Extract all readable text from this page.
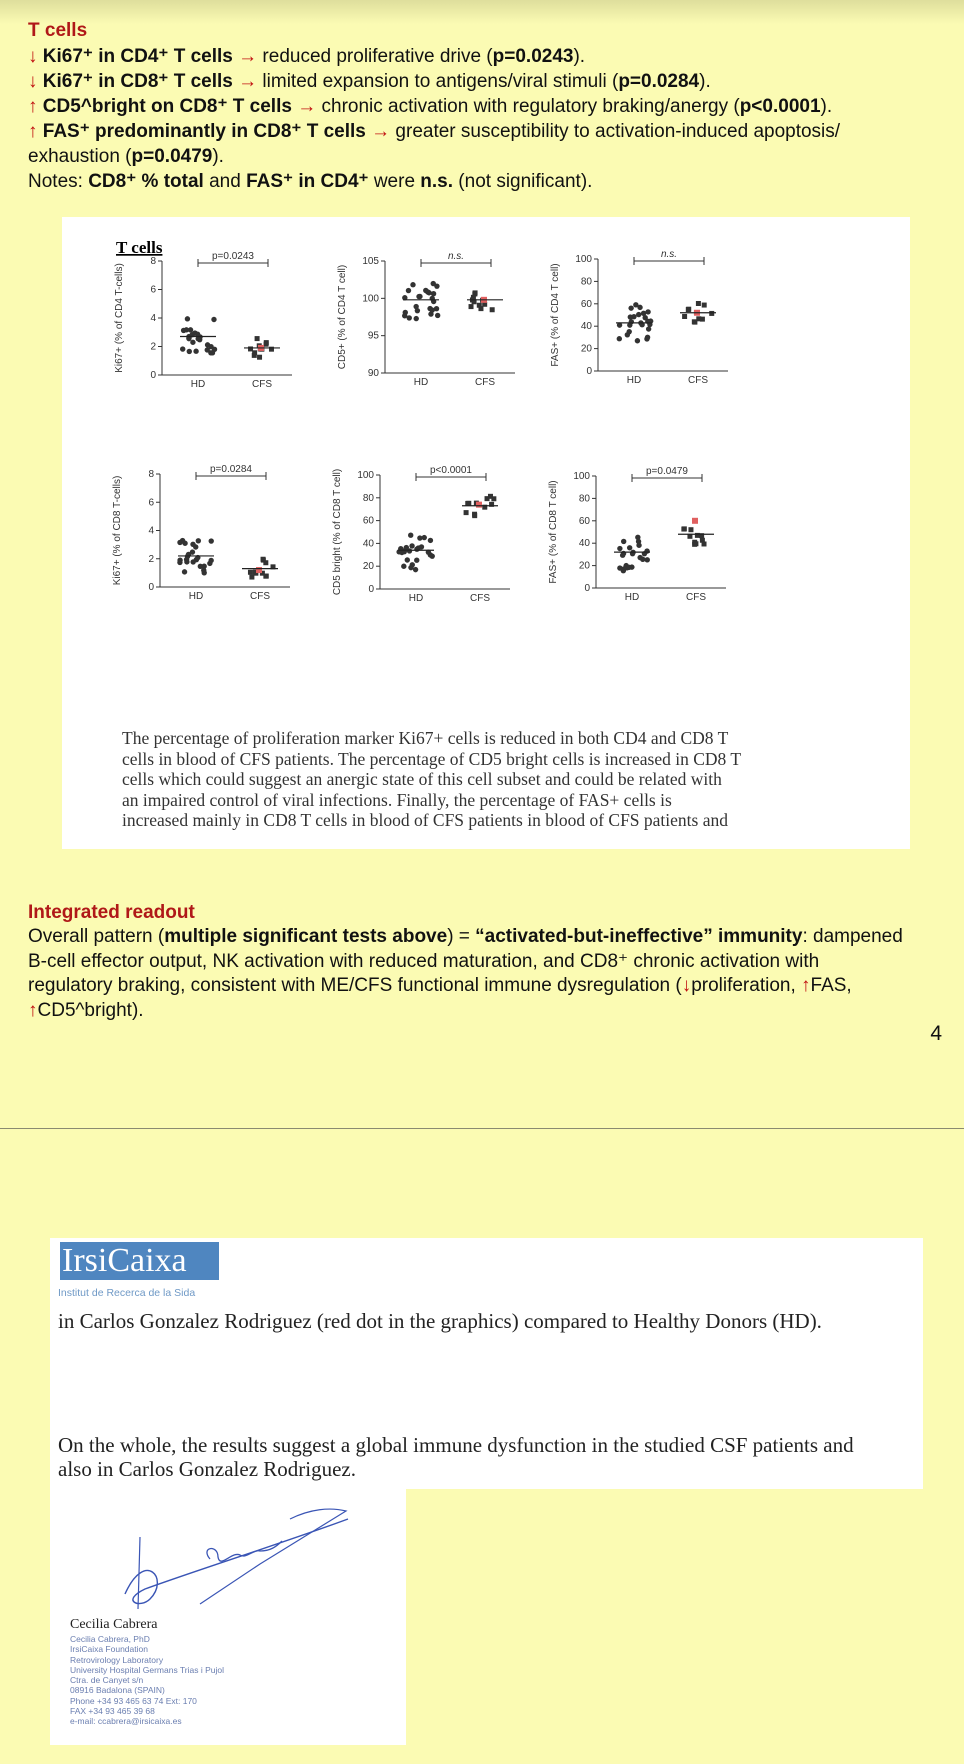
T cells
↓ Ki67⁺ in CD4⁺ T cells → reduced proliferative drive (p=0.0243).
↓ Ki67⁺ in CD8⁺ T cells → limited expansion to antigens/viral stimuli (p=0.0284).
↑ CD5^bright on CD8⁺ T cells → chronic activation with regulatory braking/anergy (p<0.0001).
↑ FAS⁺ predominantly in CD8⁺ T cells → greater susceptibility to activation-induced apoptosis/
exhaustion (p=0.0479).
Notes: CD8⁺ % total and FAS⁺ in CD4⁺ were n.s. (not significant).
T cells
0
2
4
6
8
HD	CFS
Ki67+ (% of CD4 T-cells)
p=0.0243
90
95
100
105
HD	CFS
CD5+ (% of CD4 T cell)
n.s.
0
20
40
60
80
100
HD	CFS
FAS+ (% of CD4 T cell)
n.s.
0
2
4
6
8
HD	CFS
Ki67+ (% of CD8 T-cells)
p=0.0284
0
20
40
60
80
100
HD	CFS
CD5 bright (% of CD8 T cell)	p<0.0001
0
20
40
60
80
100
HD	CFS
FAS+ (% of CD8 T cell)
p=0.0479
The percentage of proliferation marker Ki67+ cells is reduced in both CD4 and CD8 T
cells in blood of CFS patients. The percentage of CD5 bright cells is increased in CD8 T
cells which could suggest an anergic state of this cell subset and could be related with
an impaired control of viral infections. Finally, the percentage of FAS+ cells is
increased mainly in CD8 T cells in blood of CFS patients in blood of CFS patients and
Integrated readout
Overall pattern (multiple significant tests above) = “activated-but-ineffective” immunity: dampened
B-cell effector output, NK activation with reduced maturation, and CD8⁺ chronic activation with
regulatory braking, consistent with ME/CFS functional immune dysregulation (↓proliferation, ↑FAS,
↑CD5^bright).
4
IrsiCaixa
Institut de Recerca de la Sida
in Carlos Gonzalez Rodriguez (red dot in the graphics) compared to Healthy Donors (HD).
On the whole, the results suggest a global immune dysfunction in the studied CSF patients and also in Carlos Gonzalez Rodriguez.
Cecilia Cabrera
Cecilia Cabrera, PhD
IrsiCaixa Foundation
Retrovirology Laboratory
University Hospital Germans Trias i Pujol
Ctra. de Canyet s/n
08916 Badalona (SPAIN)
Phone +34 93 465 63 74 Ext: 170
FAX +34 93 465 39 68
e-mail: ccabrera@irsicaixa.es
